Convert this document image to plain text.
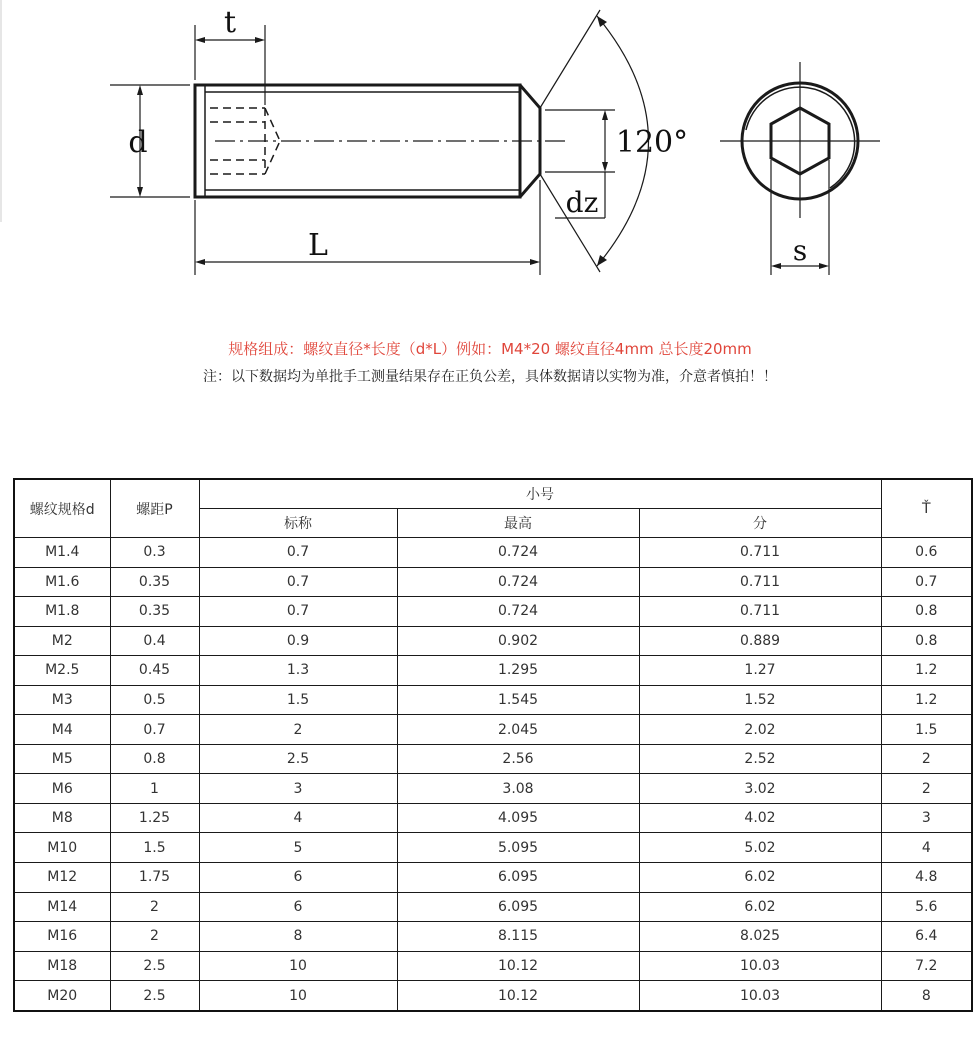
t
d
L
dz
120°
s
规格组成：螺纹直径*长度（d*L）例如：M4*20 螺纹直径4mm 总长度20mm
注：以下数据均为单批手工测量结果存在正负公差，具体数据请以实物为准，介意者慎拍！！
螺纹规格d	螺距P	小号			Ť
		标称	最高	分	
M1.4	0.3	0.7	0.724	0.711	0.6
M1.6	0.35	0.7	0.724	0.711	0.7
M1.8	0.35	0.7	0.724	0.711	0.8
M2	0.4	0.9	0.902	0.889	0.8
M2.5	0.45	1.3	1.295	1.27	1.2
M3	0.5	1.5	1.545	1.52	1.2
M4	0.7	2	2.045	2.02	1.5
M5	0.8	2.5	2.56	2.52	2
M6	1	3	3.08	3.02	2
M8	1.25	4	4.095	4.02	3
M10	1.5	5	5.095	5.02	4
M12	1.75	6	6.095	6.02	4.8
M14	2	6	6.095	6.02	5.6
M16	2	8	8.115	8.025	6.4
M18	2.5	10	10.12	10.03	7.2
M20	2.5	10	10.12	10.03	8
